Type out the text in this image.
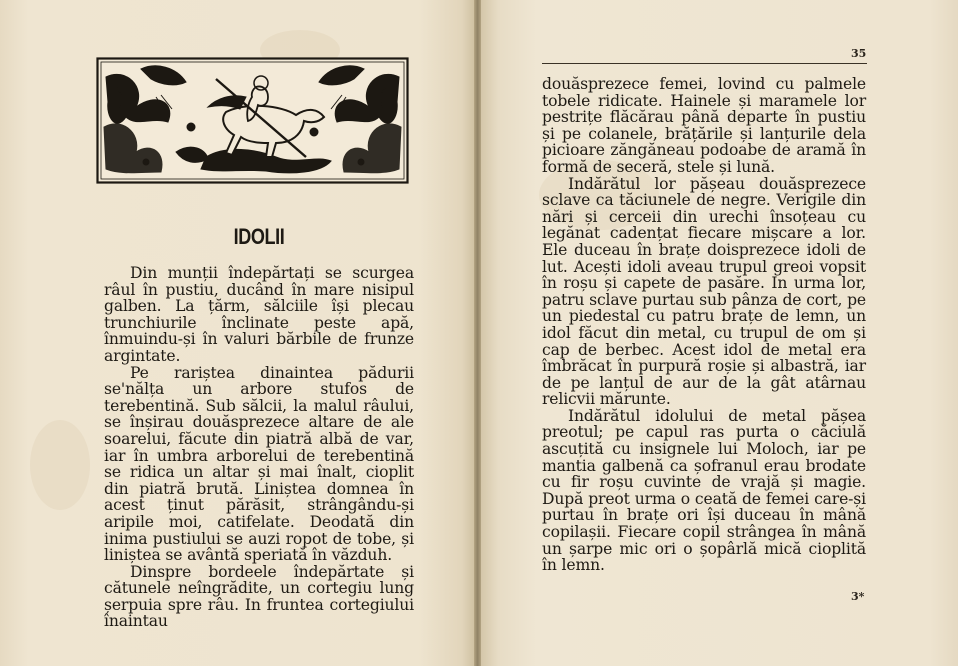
IDOLII

Din munții îndepărtați se scurgea râul în pustiu, ducând în mare nisipul galben. La țărm, sălciile își plecau trunchiurile înclinate peste apă, înmuindu-și în valuri bărbile de frunze argintate.

Pe rariștea dinaintea pădurii se'nălța un arbore stufos de terebentină. Sub sălcii, la malul râului, se înșirau douăsprezece altare de ale soarelui, făcute din piatră albă de var, iar în umbra arborelui de terebentină se ridica un altar și mai înalt, cioplit din piatră brută. Liniștea domnea în acest ținut părăsit, strângându-și aripile moi, catifelate. Deodată din inima pustiului se auzi ropot de tobe, și liniștea se avântă speriată în văzduh.

Dinspre bordeele îndepărtate și cătunele neîngrădite, un cortegiu lung șerpuia spre râu. In fruntea cortegiului înaintau

35

douăsprezece femei, lovind cu palmele tobele ridicate. Hainele și maramele lor pestrițe flăcărau până departe în pustiu și pe colanele, brățările și lanțurile dela picioare zăngăneau podoabe de aramă în formă de seceră, stele și lună.

Indărătul lor pășeau douăsprezece sclave ca tăciunele de negre. Verigile din nări și cerceii din urechi însoțeau cu legănat cadențat fiecare mișcare a lor. Ele duceau în brațe doisprezece idoli de lut. Acești idoli aveau trupul greoi vopsit în roșu și capete de pasăre. In urma lor, patru sclave purtau sub pânza de cort, pe un piedestal cu patru brațe de lemn, un idol făcut din metal, cu trupul de om și cap de berbec. Acest idol de metal era îmbrăcat în purpură roșie și albastră, iar de pe lanțul de aur de la gât atârnau relicvii mărunte.

Indărătul idolului de metal pășea preotul; pe capul ras purta o căciulă ascuțită cu insignele lui Moloch, iar pe mantia galbenă ca șofranul erau brodate cu fir roșu cuvinte de vrajă și magie. După preot urma o ceată de femei care-și purtau în brațe ori își duceau în mână copilașii. Fiecare copil strângea în mână un șarpe mic ori o șopârlă mică cioplită în lemn.

3*
